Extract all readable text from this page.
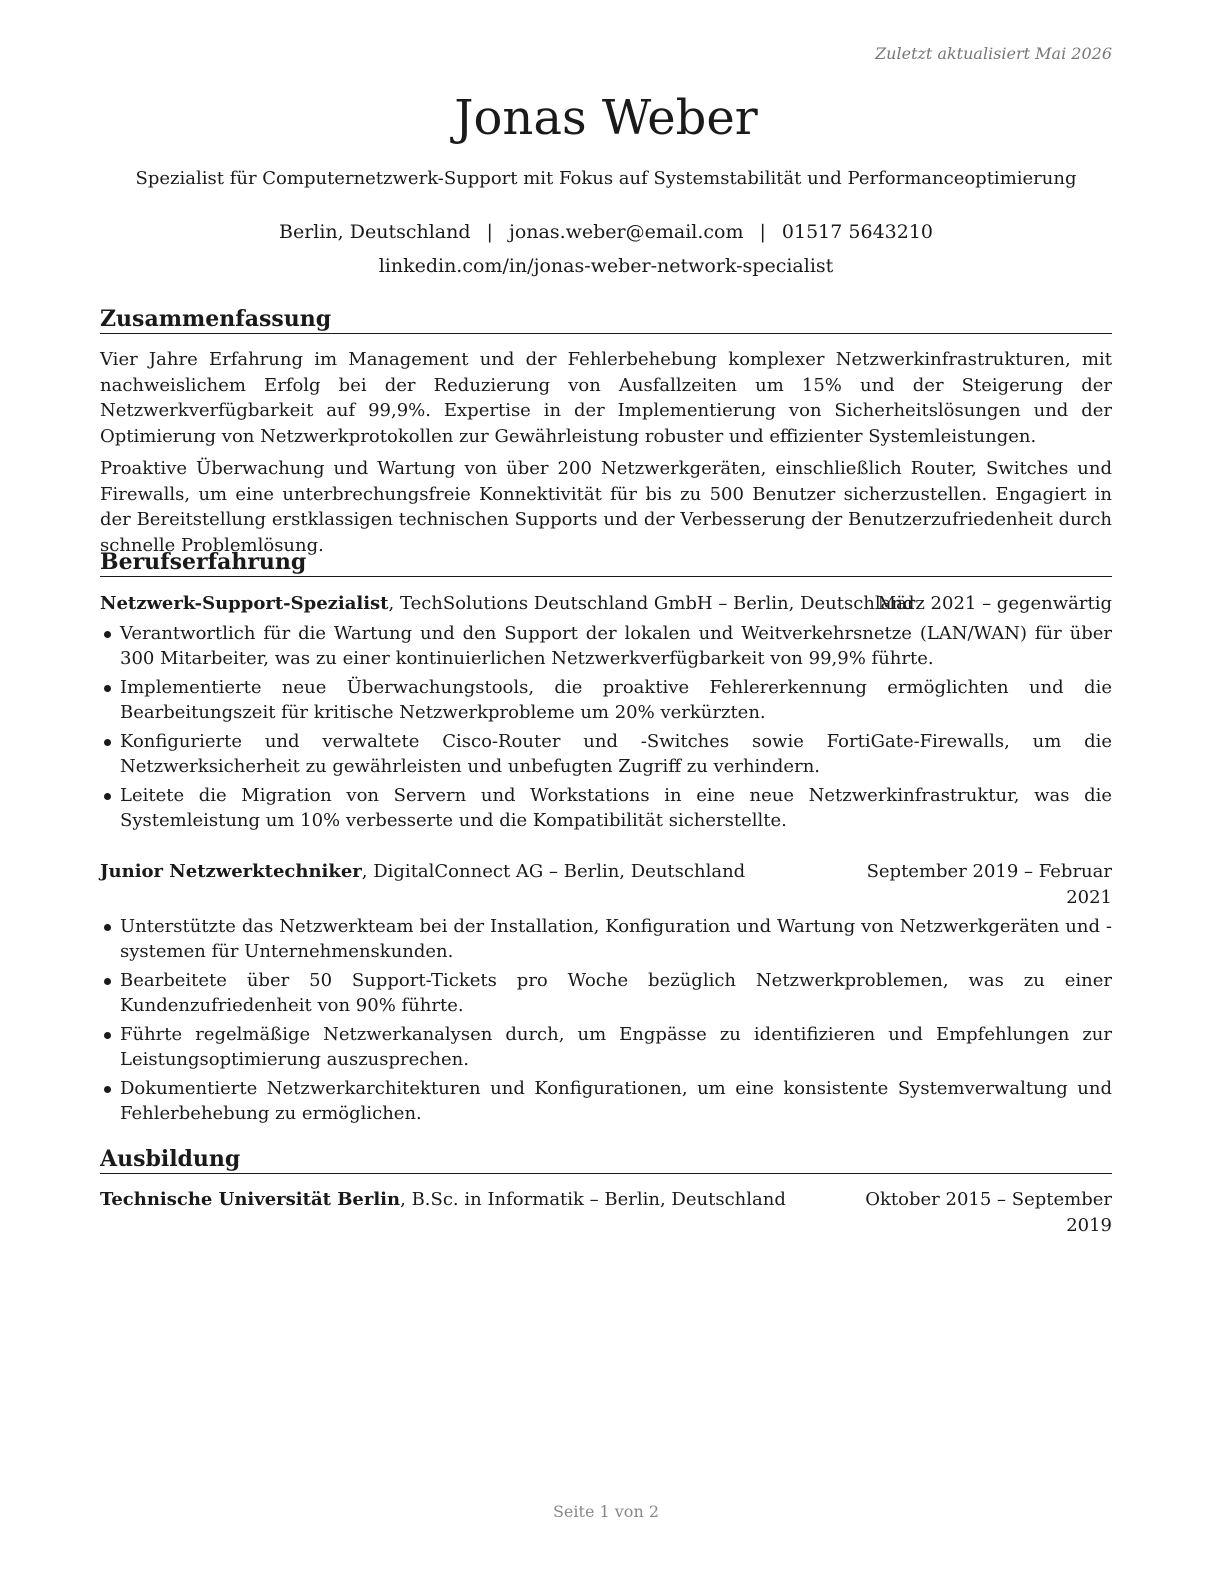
Zuletzt aktualisiert Mai 2026
Jonas Weber
Spezialist für Computernetzwerk-Support mit Fokus auf Systemstabilität und Performanceoptimierung
Berlin, Deutschland | jonas.weber@email.com | 01517 5643210
linkedin.com/in/jonas-weber-network-specialist
Zusammenfassung

Vier Jahre Erfahrung im Management und der Fehlerbehebung komplexer Netzwerkinfrastrukturen, mit nachweislichem Erfolg bei der Reduzierung von Ausfallzeiten um 15% und der Steigerung der Netzwerkverfügbarkeit auf 99,9%. Expertise in der Implementierung von Sicherheitslösungen und der Optimierung von Netzwerkprotokollen zur Gewährleistung robuster und effizienter Systemleistungen.

Proaktive Überwachung und Wartung von über 200 Netzwerkgeräten, einschließlich Router, Switches und Firewalls, um eine unterbrechungsfreie Konnektivität für bis zu 500 Benutzer sicherzustellen. Engagiert in der Bereitstellung erstklassigen technischen Supports und der Verbesserung der Benutzerzufriedenheit durch schnelle Problemlösung.

Berufserfahrung
Netzwerk-Support-Spezialist, TechSolutions Deutschland GmbH – Berlin, Deutschland
März 2021 – gegenwärtig
Verantwortlich für die Wartung und den Support der lokalen und Weitverkehrsnetze (LAN/WAN) für über 300 Mitarbeiter, was zu einer kontinuierlichen Netzwerkverfügbarkeit von 99,9% führte.
Implementierte neue Überwachungstools, die proaktive Fehlererkennung ermöglichten und die Bearbeitungszeit für kritische Netzwerkprobleme um 20% verkürzten.
Konfigurierte und verwaltete Cisco-Router und -Switches sowie FortiGate-Firewalls, um die Netzwerksicherheit zu gewährleisten und unbefugten Zugriff zu verhindern.
Leitete die Migration von Servern und Workstations in eine neue Netzwerkinfrastruktur, was die Systemleistung um 10% verbesserte und die Kompatibilität sicherstellte.
Junior Netzwerktechniker, DigitalConnect AG – Berlin, Deutschland	September 2019 – Februar 2021
Unterstützte das Netzwerkteam bei der Installation, Konfiguration und Wartung von Netzwerkgeräten und -systemen für Unternehmenskunden.
Bearbeitete über 50 Support-Tickets pro Woche bezüglich Netzwerkproblemen, was zu einer Kundenzufriedenheit von 90% führte.
Führte regelmäßige Netzwerkanalysen durch, um Engpässe zu identifizieren und Empfehlungen zur Leistungsoptimierung auszusprechen.
Dokumentierte Netzwerkarchitekturen und Konfigurationen, um eine konsistente Systemverwaltung und Fehlerbehebung zu ermöglichen.
Ausbildung
Technische Universität Berlin, B.Sc. in Informatik – Berlin, Deutschland	Oktober 2015 – September 2019
Seite 1 von 2
